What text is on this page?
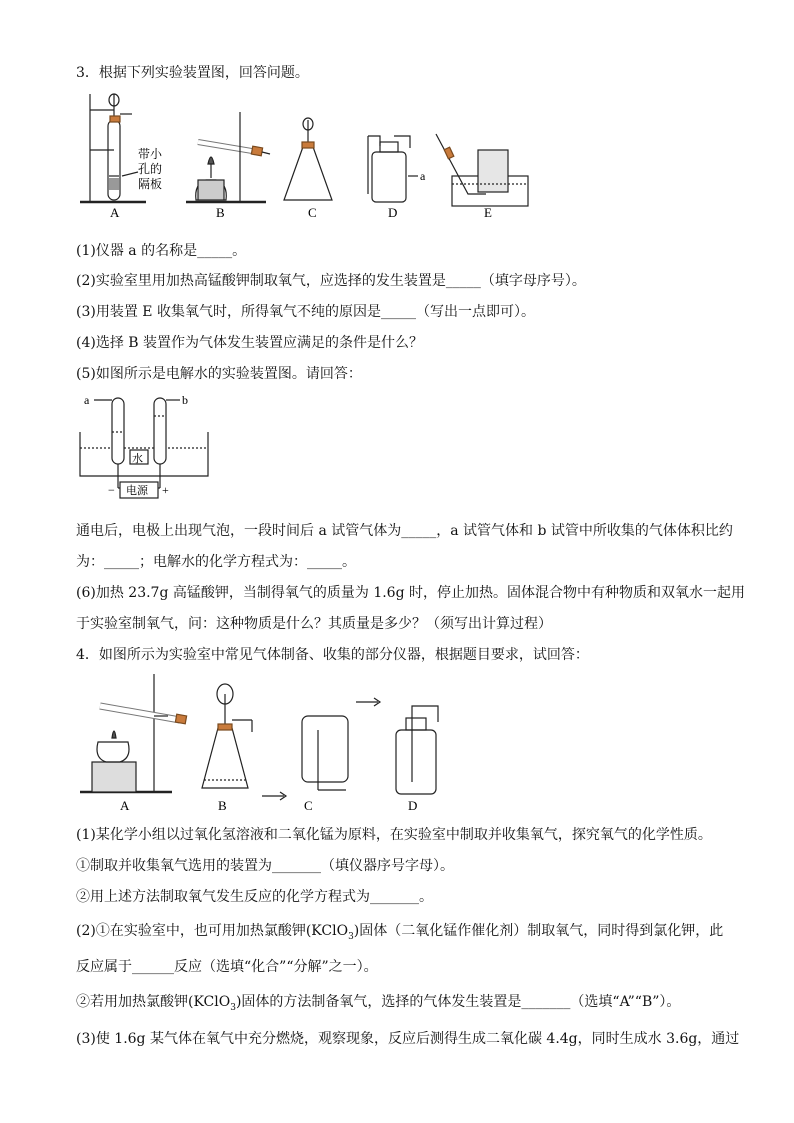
3．根据下列实验装置图，回答问题。
A	B	C	D	E
带小
孔的
隔板
a
(1)仪器 a 的名称是_____。
(2)实验室里用加热高锰酸钾制取氧气，应选择的发生装置是_____（填字母序号）。
(3)用装置 E 收集氧气时，所得氧气不纯的原因是_____（写出一点即可）。
(4)选择 B 装置作为气体发生装置应满足的条件是什么？
(5)如图所示是电解水的实验装置图。请回答：
a	b
水
电源
−	+
通电后，电极上出现气泡，一段时间后 a 试管气体为_____，a 试管气体和 b 试管中所收集的气体体积比约
为：_____；电解水的化学方程式为：_____。
(6)加热 23.7g 高锰酸钾，当制得氧气的质量为 1.6g 时，停止加热。固体混合物中有种物质和双氧水一起用
于实验室制氧气，问：这种物质是什么？其质量是多少？（须写出计算过程）
4．如图所示为实验室中常见气体制备、收集的部分仪器，根据题目要求，试回答：
A	B	C	D
(1)某化学小组以过氧化氢溶液和二氧化锰为原料，在实验室中制取并收集氧气，探究氧气的化学性质。
①制取并收集氧气选用的装置为_______（填仪器序号字母）。
②用上述方法制取氧气发生反应的化学方程式为_______。
(2)①在实验室中，也可用加热氯酸钾(KClO$_3$)固体（二氧化锰作催化剂）制取氧气，同时得到氯化钾，此
反应属于______反应（选填“化合”“分解”之一）。
②若用加热氯酸钾(KClO$_3$)固体的方法制备氧气，选择的气体发生装置是_______（选填“A”“B”）。
(3)使 1.6g 某气体在氧气中充分燃烧，观察现象，反应后测得生成二氧化碳 4.4g，同时生成水 3.6g，通过
